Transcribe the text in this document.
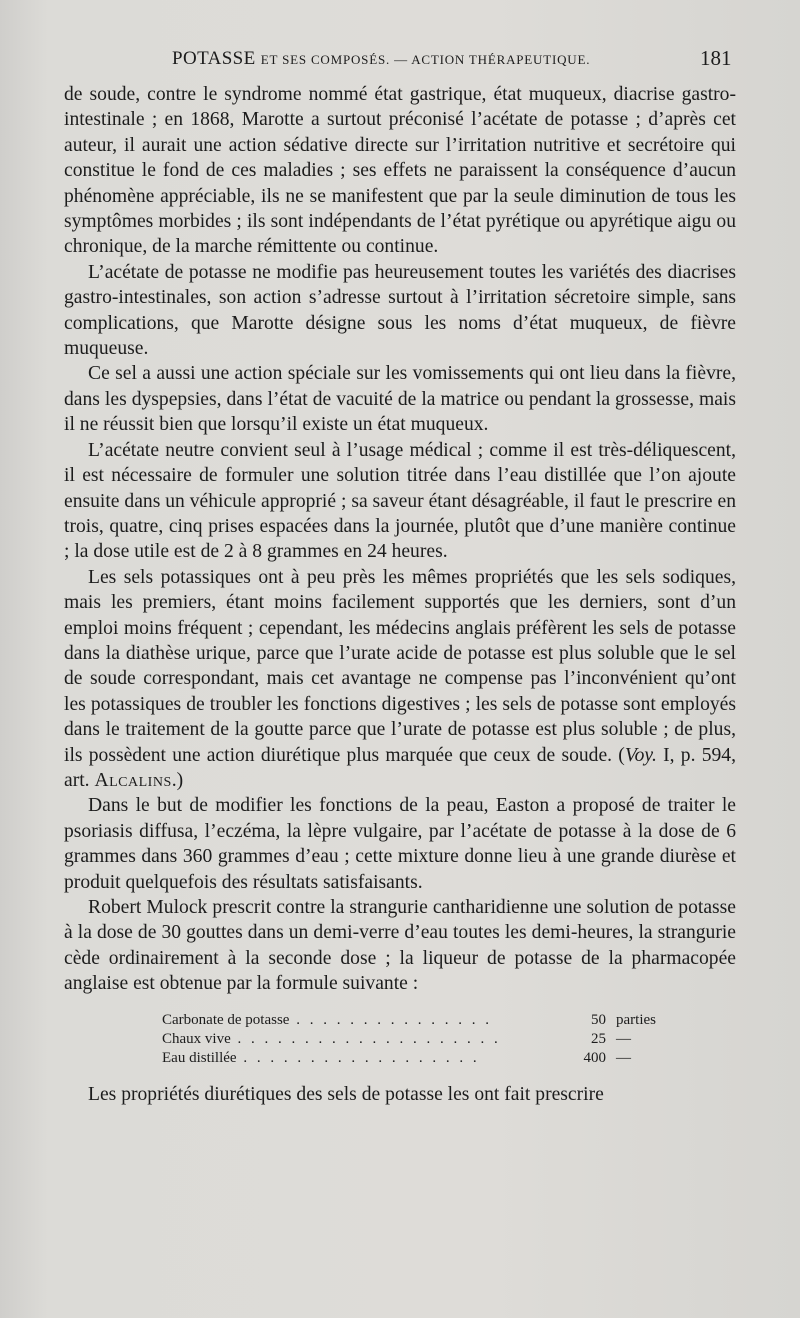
POTASSE ET SES COMPOSÉS. — ACTION THÉRAPEUTIQUE.	181

de soude, contre le syndrome nommé état gastrique, état muqueux, diacrise gastro-intestinale ; en 1868, Marotte a surtout préconisé l’acétate de potasse ; d’après cet auteur, il aurait une action sédative directe sur l’irritation nutritive et secrétoire qui constitue le fond de ces maladies ; ses effets ne paraissent la conséquence d’aucun phénomène appréciable, ils ne se manifestent que par la seule diminution de tous les symptômes morbides ; ils sont indépendants de l’état pyrétique ou apyrétique aigu ou chronique, de la marche rémittente ou continue.

L’acétate de potasse ne modifie pas heureusement toutes les variétés des diacrises gastro-intestinales, son action s’adresse surtout à l’irritation sécretoire simple, sans complications, que Marotte désigne sous les noms d’état muqueux, de fièvre muqueuse.

Ce sel a aussi une action spéciale sur les vomissements qui ont lieu dans la fièvre, dans les dyspepsies, dans l’état de vacuité de la matrice ou pendant la grossesse, mais il ne réussit bien que lorsqu’il existe un état muqueux.

L’acétate neutre convient seul à l’usage médical ; comme il est très-déliquescent, il est nécessaire de formuler une solution titrée dans l’eau distillée que l’on ajoute ensuite dans un véhicule approprié ; sa saveur étant désagréable, il faut le prescrire en trois, quatre, cinq prises espacées dans la journée, plutôt que d’une manière continue ; la dose utile est de 2 à 8 grammes en 24 heures.

Les sels potassiques ont à peu près les mêmes propriétés que les sels sodiques, mais les premiers, étant moins facilement supportés que les derniers, sont d’un emploi moins fréquent ; cependant, les médecins anglais préfèrent les sels de potasse dans la diathèse urique, parce que l’urate acide de potasse est plus soluble que le sel de soude correspondant, mais cet avantage ne compense pas l’inconvénient qu’ont les potassiques de troubler les fonctions digestives ; les sels de potasse sont employés dans le traitement de la goutte parce que l’urate de potasse est plus soluble ; de plus, ils possèdent une action diurétique plus marquée que ceux de soude. (Voy. I, p. 594, art. Alcalins.)

Dans le but de modifier les fonctions de la peau, Easton a proposé de traiter le psoriasis diffusa, l’eczéma, la lèpre vulgaire, par l’acétate de potasse à la dose de 6 grammes dans 360 grammes d’eau ; cette mixture donne lieu à une grande diurèse et produit quelquefois des résultats satisfaisants.

Robert Mulock prescrit contre la strangurie cantharidienne une solution de potasse à la dose de 30 gouttes dans un demi-verre d’eau toutes les demi-heures, la strangurie cède ordinairement à la seconde dose ; la liqueur de potasse de la pharmacopée anglaise est obtenue par la formule suivante :

Carbonate de potasse . . . . . . . . . . . . . . .	50	parties
Chaux vive . . . . . . . . . . . . . . . . . . . .	25	—
Eau distillée . . . . . . . . . . . . . . . . . .	400	—

Les propriétés diurétiques des sels de potasse les ont fait prescrire
